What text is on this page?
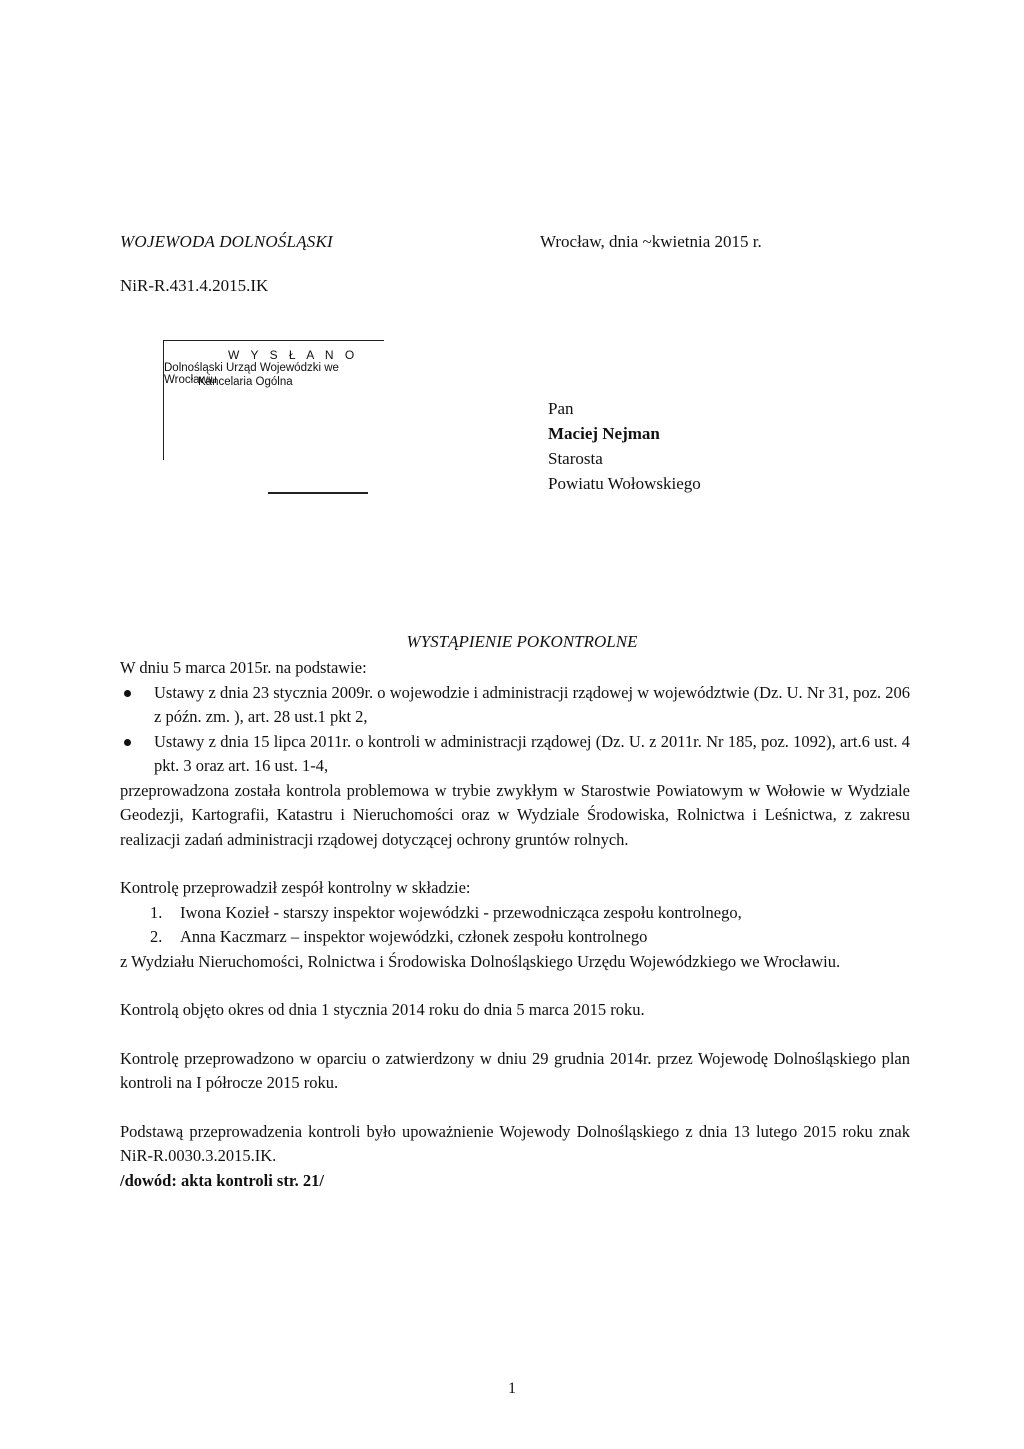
WOJEWODA DOLNOŚLĄSKI	Wrocław, dnia ~kwietnia 2015 r.
NiR-R.431.4.2015.IK
W Y S Ł A N O
Dolnośląski Urząd Wojewódzki we Wrocławiu
Kancelaria Ogólna
Pan
Maciej Nejman
Starosta
Powiatu Wołowskiego
WYSTĄPIENIE POKONTROLNE

W dniu 5 marca 2015r. na podstawie:

Ustawy z dnia 23 stycznia 2009r. o wojewodzie i administracji rządowej w województwie (Dz. U. Nr 31, poz. 206 z późn. zm. ), art. 28 ust.1 pkt 2,
Ustawy z dnia 15 lipca 2011r. o kontroli w administracji rządowej (Dz. U. z 2011r. Nr 185, poz. 1092), art.6 ust. 4 pkt. 3 oraz art. 16 ust. 1-4,

przeprowadzona została kontrola problemowa w trybie zwykłym w Starostwie Powiatowym w Wołowie w Wydziale Geodezji, Kartografii, Katastru i Nieruchomości oraz w Wydziale Środowiska, Rolnictwa i Leśnictwa, z zakresu realizacji zadań administracji rządowej dotyczącej ochrony gruntów rolnych.

Kontrolę przeprowadził zespół kontrolny w składzie:

1. Iwona Kozieł - starszy inspektor wojewódzki - przewodnicząca zespołu kontrolnego,
2. Anna Kaczmarz – inspektor wojewódzki, członek zespołu kontrolnego

z Wydziału Nieruchomości, Rolnictwa i Środowiska Dolnośląskiego Urzędu Wojewódzkiego we Wrocławiu.

Kontrolą objęto okres od dnia 1 stycznia 2014 roku do dnia 5 marca 2015 roku.

Kontrolę przeprowadzono w oparciu o zatwierdzony w dniu 29 grudnia 2014r. przez Wojewodę Dolnośląskiego plan kontroli na I półrocze 2015 roku.

Podstawą przeprowadzenia kontroli było upoważnienie Wojewody Dolnośląskiego z dnia 13 lutego 2015 roku znak NiR-R.0030.3.2015.IK.

/dowód: akta kontroli str. 21/

1
